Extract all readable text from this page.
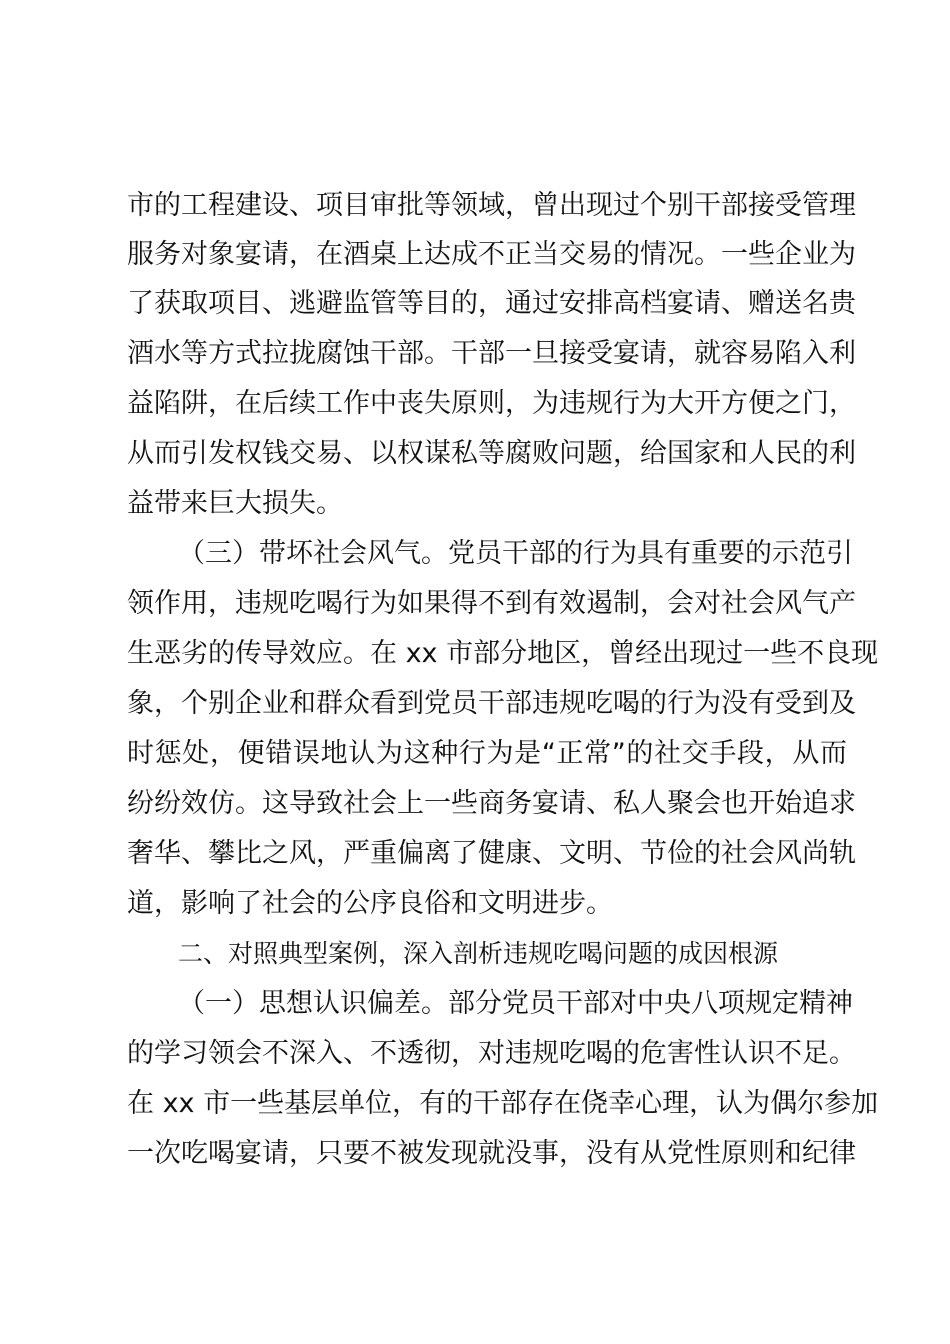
市的工程建设、项目审批等领域，曾出现过个别干部接受管理
服务对象宴请，在酒桌上达成不正当交易的情况。一些企业为
了获取项目、逃避监管等目的，通过安排高档宴请、赠送名贵
酒水等方式拉拢腐蚀干部。干部一旦接受宴请，就容易陷入利
益陷阱，在后续工作中丧失原则，为违规行为大开方便之门，
从而引发权钱交易、以权谋私等腐败问题，给国家和人民的利
益带来巨大损失。
（三）带坏社会风气。党员干部的行为具有重要的示范引
领作用，违规吃喝行为如果得不到有效遏制，会对社会风气产
生恶劣的传导效应。在 xx 市部分地区，曾经出现过一些不良现
象，个别企业和群众看到党员干部违规吃喝的行为没有受到及
时惩处，便错误地认为这种行为是“正常”的社交手段，从而
纷纷效仿。这导致社会上一些商务宴请、私人聚会也开始追求
奢华、攀比之风，严重偏离了健康、文明、节俭的社会风尚轨
道，影响了社会的公序良俗和文明进步。
二、对照典型案例，深入剖析违规吃喝问题的成因根源
（一）思想认识偏差。部分党员干部对中央八项规定精神
的学习领会不深入、不透彻，对违规吃喝的危害性认识不足。
在 xx 市一些基层单位，有的干部存在侥幸心理，认为偶尔参加
一次吃喝宴请，只要不被发现就没事，没有从党性原则和纪律
